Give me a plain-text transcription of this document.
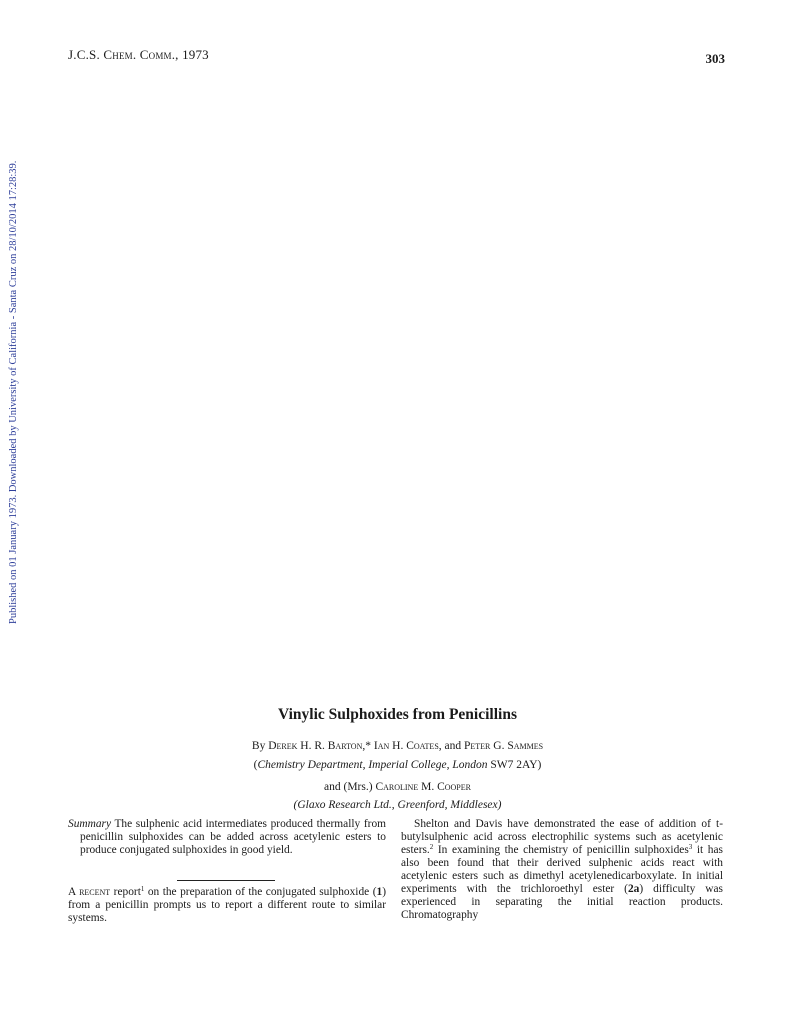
J.C.S. Chem. Comm., 1973	303
Published on 01 January 1973. Downloaded by University of California - Santa Cruz on 28/10/2014 17:28:39.
Vinylic Sulphoxides from Penicillins
By Derek H. R. Barton,* Ian H. Coates, and Peter G. Sammes
(Chemistry Department, Imperial College, London SW7 2AY)
and (Mrs.) Caroline M. Cooper
(Glaxo Research Ltd., Greenford, Middlesex)

Summary The sulphenic acid intermediates produced thermally from penicillin sulphoxides can be added across acetylenic esters to produce conjugated sulphoxides in good yield.

A recent report$^1$ on the preparation of the conjugated sulphoxide (1) from a penicillin prompts us to report a different route to similar systems.

Shelton and Davis have demonstrated the ease of addition of t-butylsulphenic acid across electrophilic systems such as acetylenic esters.$^2$ In examining the chemistry of penicillin sulphoxides$^3$ it has also been found that their derived sulphenic acids react with acetylenic esters such as dimethyl acetylenedicarboxylate. In initial experiments with the trichloroethyl ester (2a) difficulty was experienced in separating the initial reaction products. Chromatography
